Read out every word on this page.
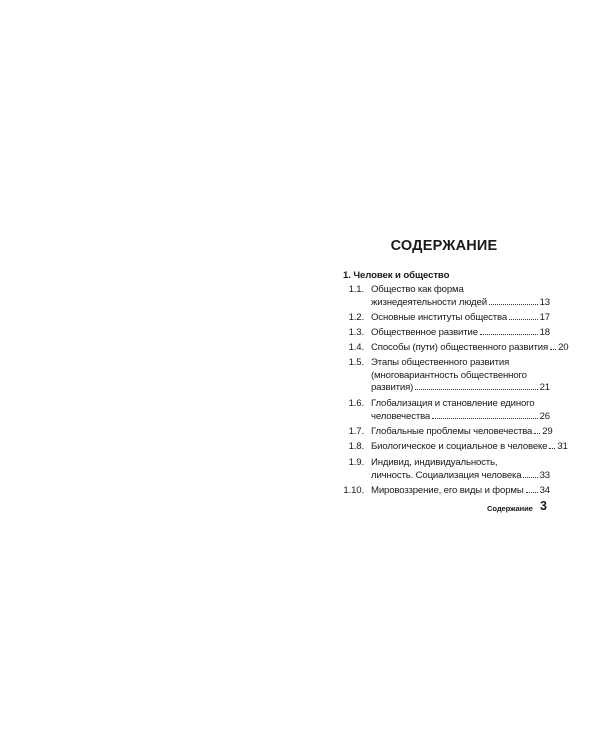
СОДЕРЖАНИЕ
1. Человек и общество
1.1. Общество как форма
жизнедеятельности людей	13
1.2. Основные институты общества	17
1.3. Общественное развитие	18
1.4. Способы (пути) общественного развития 20
1.5. Этапы общественного развития
(многовариантность общественного
развития)	21
1.6. Глобализация и становление единого
человечества	26
1.7. Глобальные проблемы человечества 29
1.8. Биологическое и социальное в человеке 31
1.9. Индивид, индивидуальность,
личность. Социализация человека 33
1.10. Мировоззрение, его виды и формы 34
Содержание 3
